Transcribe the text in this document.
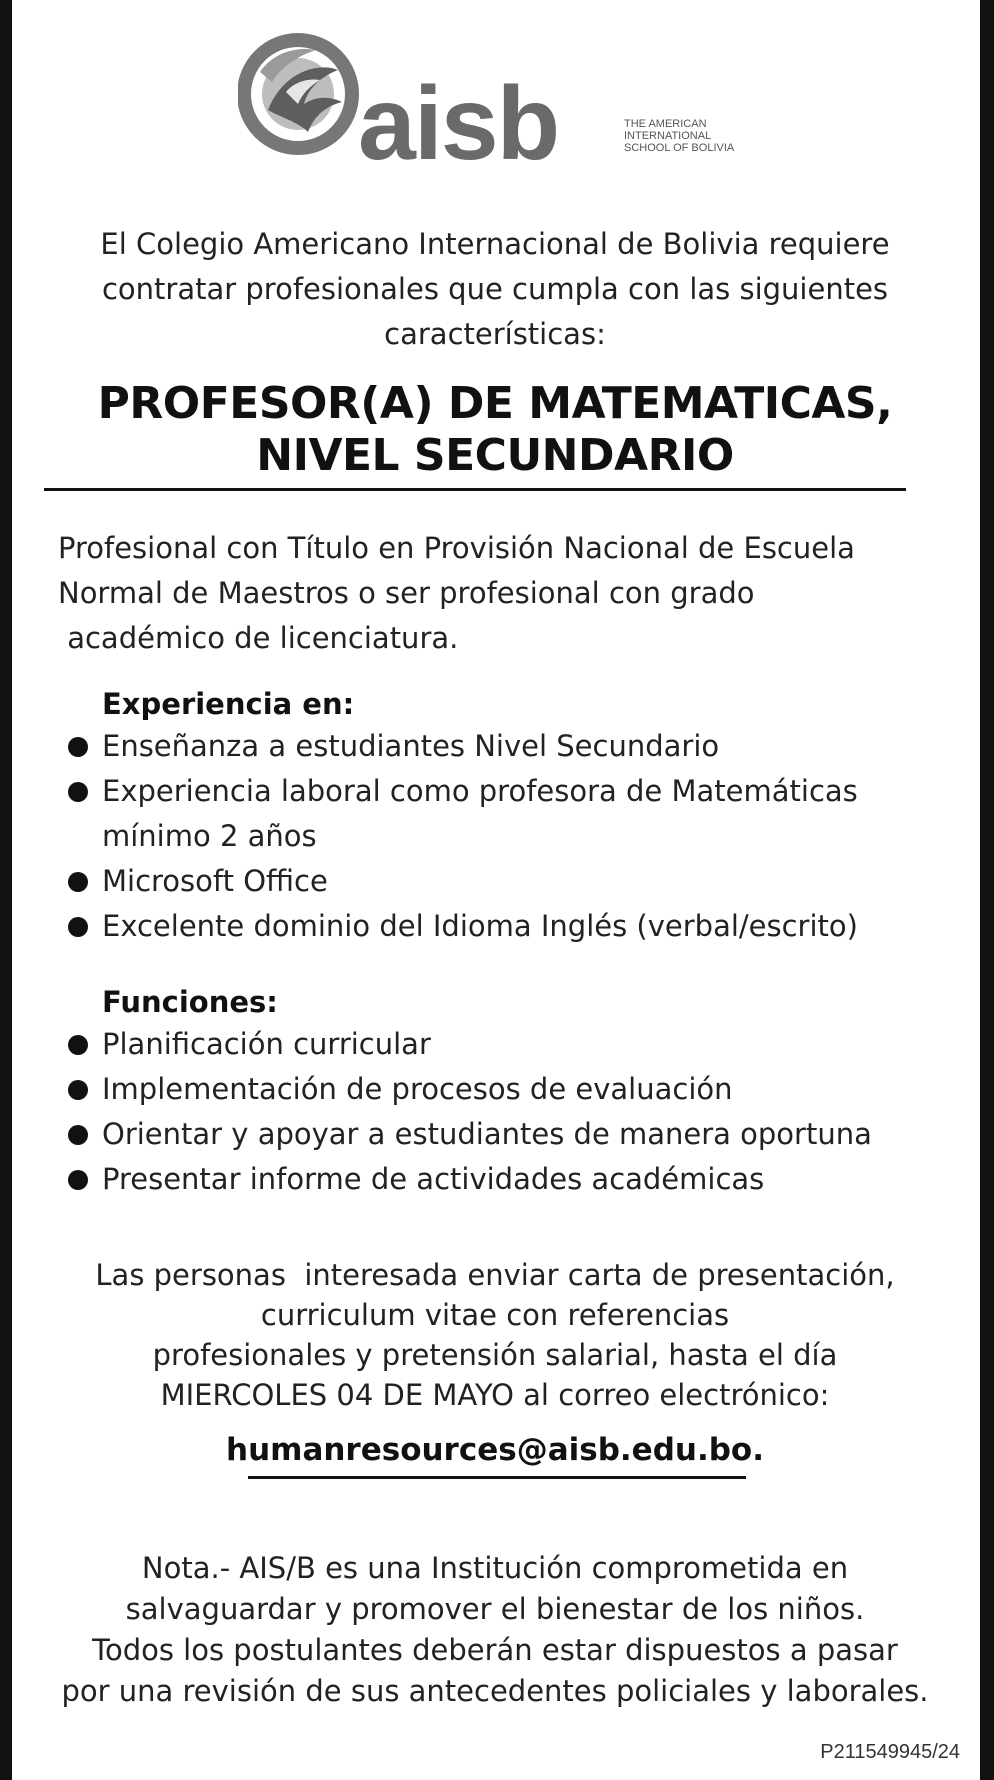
aisb	THE AMERICAN
INTERNATIONAL
SCHOOL OF BOLIVIA
El Colegio Americano Internacional de Bolivia requiere
contratar profesionales que cumpla con las siguientes
características:
PROFESOR(A) DE MATEMATICAS,
NIVEL SECUNDARIO
Profesional con Título en Provisión Nacional de Escuela
Normal de Maestros o ser profesional con grado
académico de licenciatura.
Experiencia en:
Enseñanza a estudiantes Nivel Secundario
Experiencia laboral como profesora de Matemáticas mínimo 2 años
Microsoft Office
Excelente dominio del Idioma Inglés (verbal/escrito)
Funciones:
Planificación curricular
Implementación de procesos de evaluación
Orientar y apoyar a estudiantes de manera oportuna
Presentar informe de actividades académicas
Las personas  interesada enviar carta de presentación,
curriculum vitae con referencias
profesionales y pretensión salarial, hasta el día
MIERCOLES 04 DE MAYO al correo electrónico:
humanresources@aisb.edu.bo.
Nota.- AIS/B es una Institución comprometida en
salvaguardar y promover el bienestar de los niños.
Todos los postulantes deberán estar dispuestos a pasar
por una revisión de sus antecedentes policiales y laborales.
P211549945/24
